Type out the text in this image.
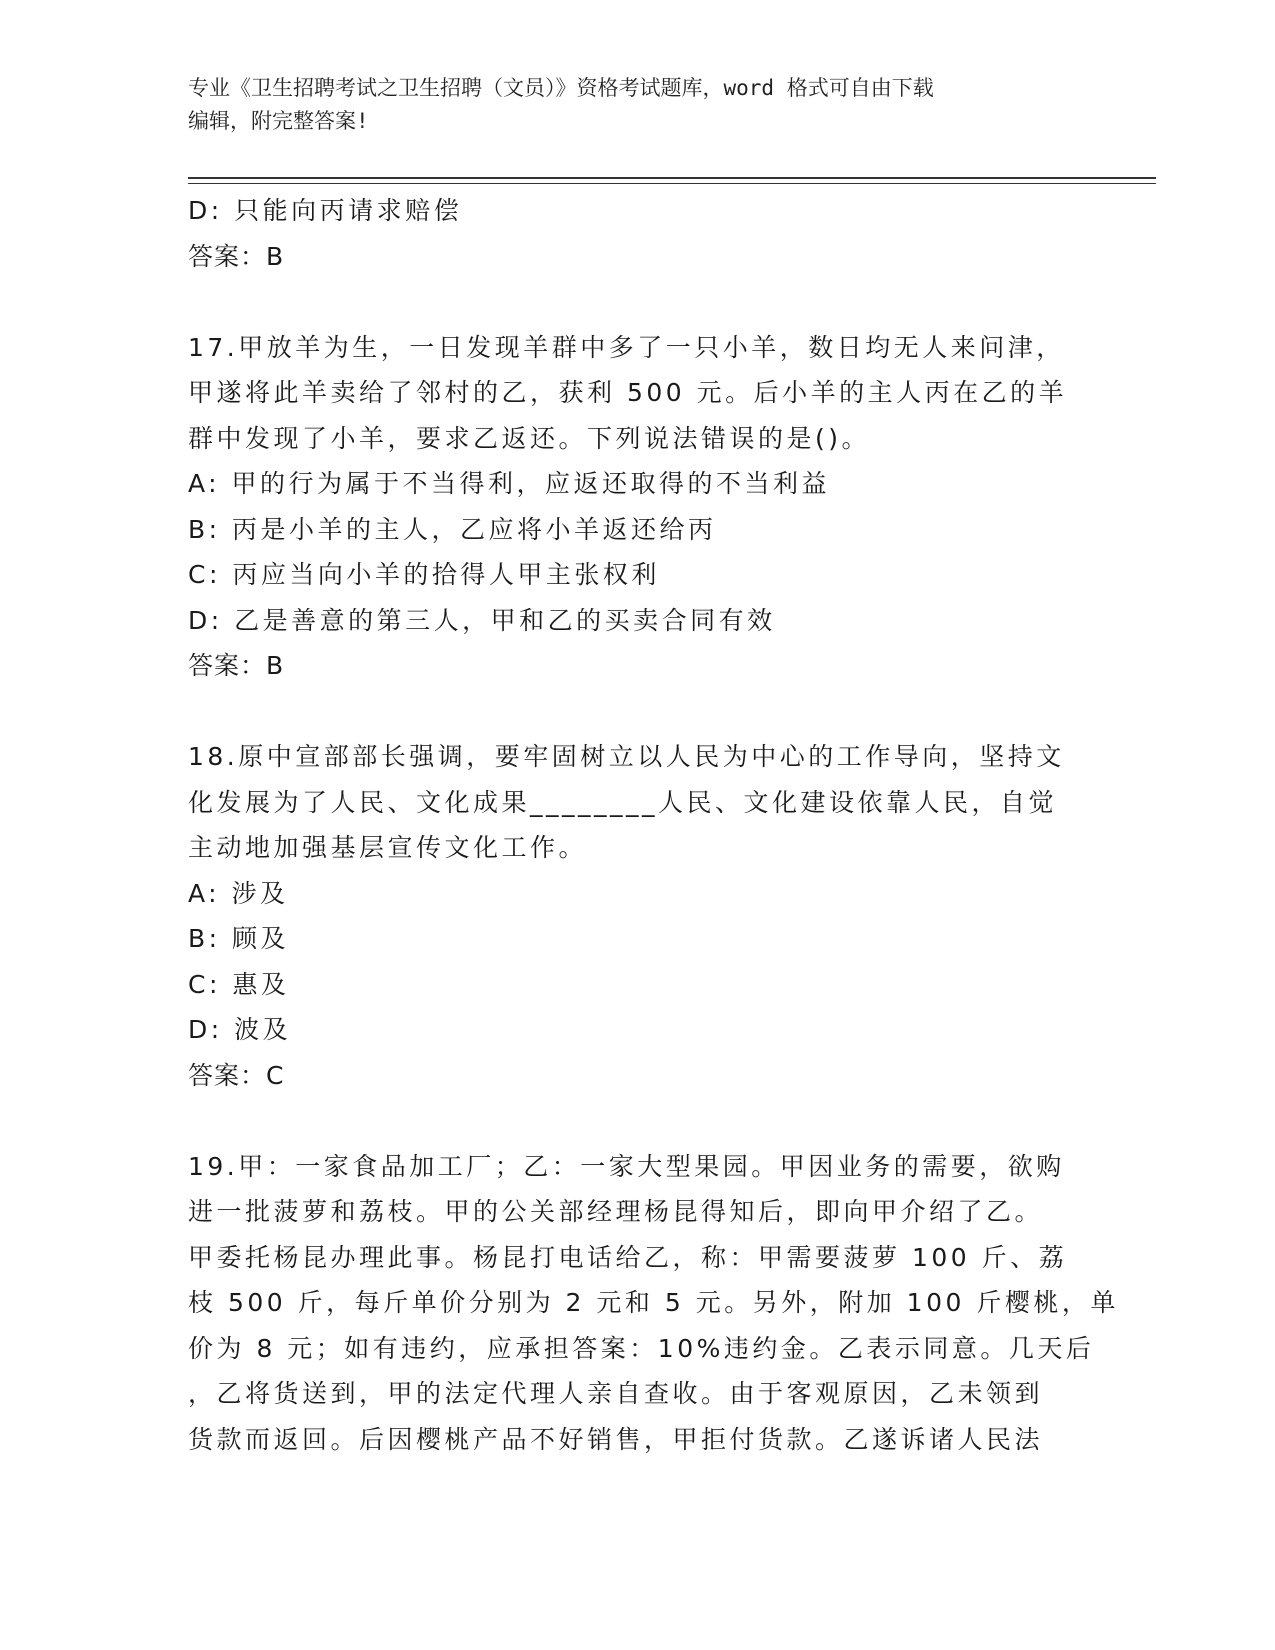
专业《卫生招聘考试之卫生招聘（文员）》资格考试题库，word 格式可自由下载
编辑，附完整答案!
D: 只能向丙请求赔偿
答案：B
17.甲放羊为生，一日发现羊群中多了一只小羊，数日均无人来问津，
甲遂将此羊卖给了邻村的乙，获利 500 元。后小羊的主人丙在乙的羊
群中发现了小羊，要求乙返还。下列说法错误的是()。
A: 甲的行为属于不当得利，应返还取得的不当利益
B: 丙是小羊的主人，乙应将小羊返还给丙
C: 丙应当向小羊的拾得人甲主张权利
D: 乙是善意的第三人，甲和乙的买卖合同有效
答案：B
18.原中宣部部长强调，要牢固树立以人民为中心的工作导向，坚持文
化发展为了人民、文化成果________人民、文化建设依靠人民，自觉
主动地加强基层宣传文化工作。
A: 涉及
B: 顾及
C: 惠及
D: 波及
答案：C
19.甲：一家食品加工厂；乙：一家大型果园。甲因业务的需要，欲购
进一批菠萝和荔枝。甲的公关部经理杨昆得知后，即向甲介绍了乙。
甲委托杨昆办理此事。杨昆打电话给乙，称：甲需要菠萝 100 斤、荔
枝 500 斤，每斤单价分别为 2 元和 5 元。另外，附加 100 斤樱桃，单
价为 8 元；如有违约，应承担答案：10%违约金。乙表示同意。几天后
，乙将货送到，甲的法定代理人亲自查收。由于客观原因，乙未领到
货款而返回。后因樱桃产品不好销售，甲拒付货款。乙遂诉诸人民法
